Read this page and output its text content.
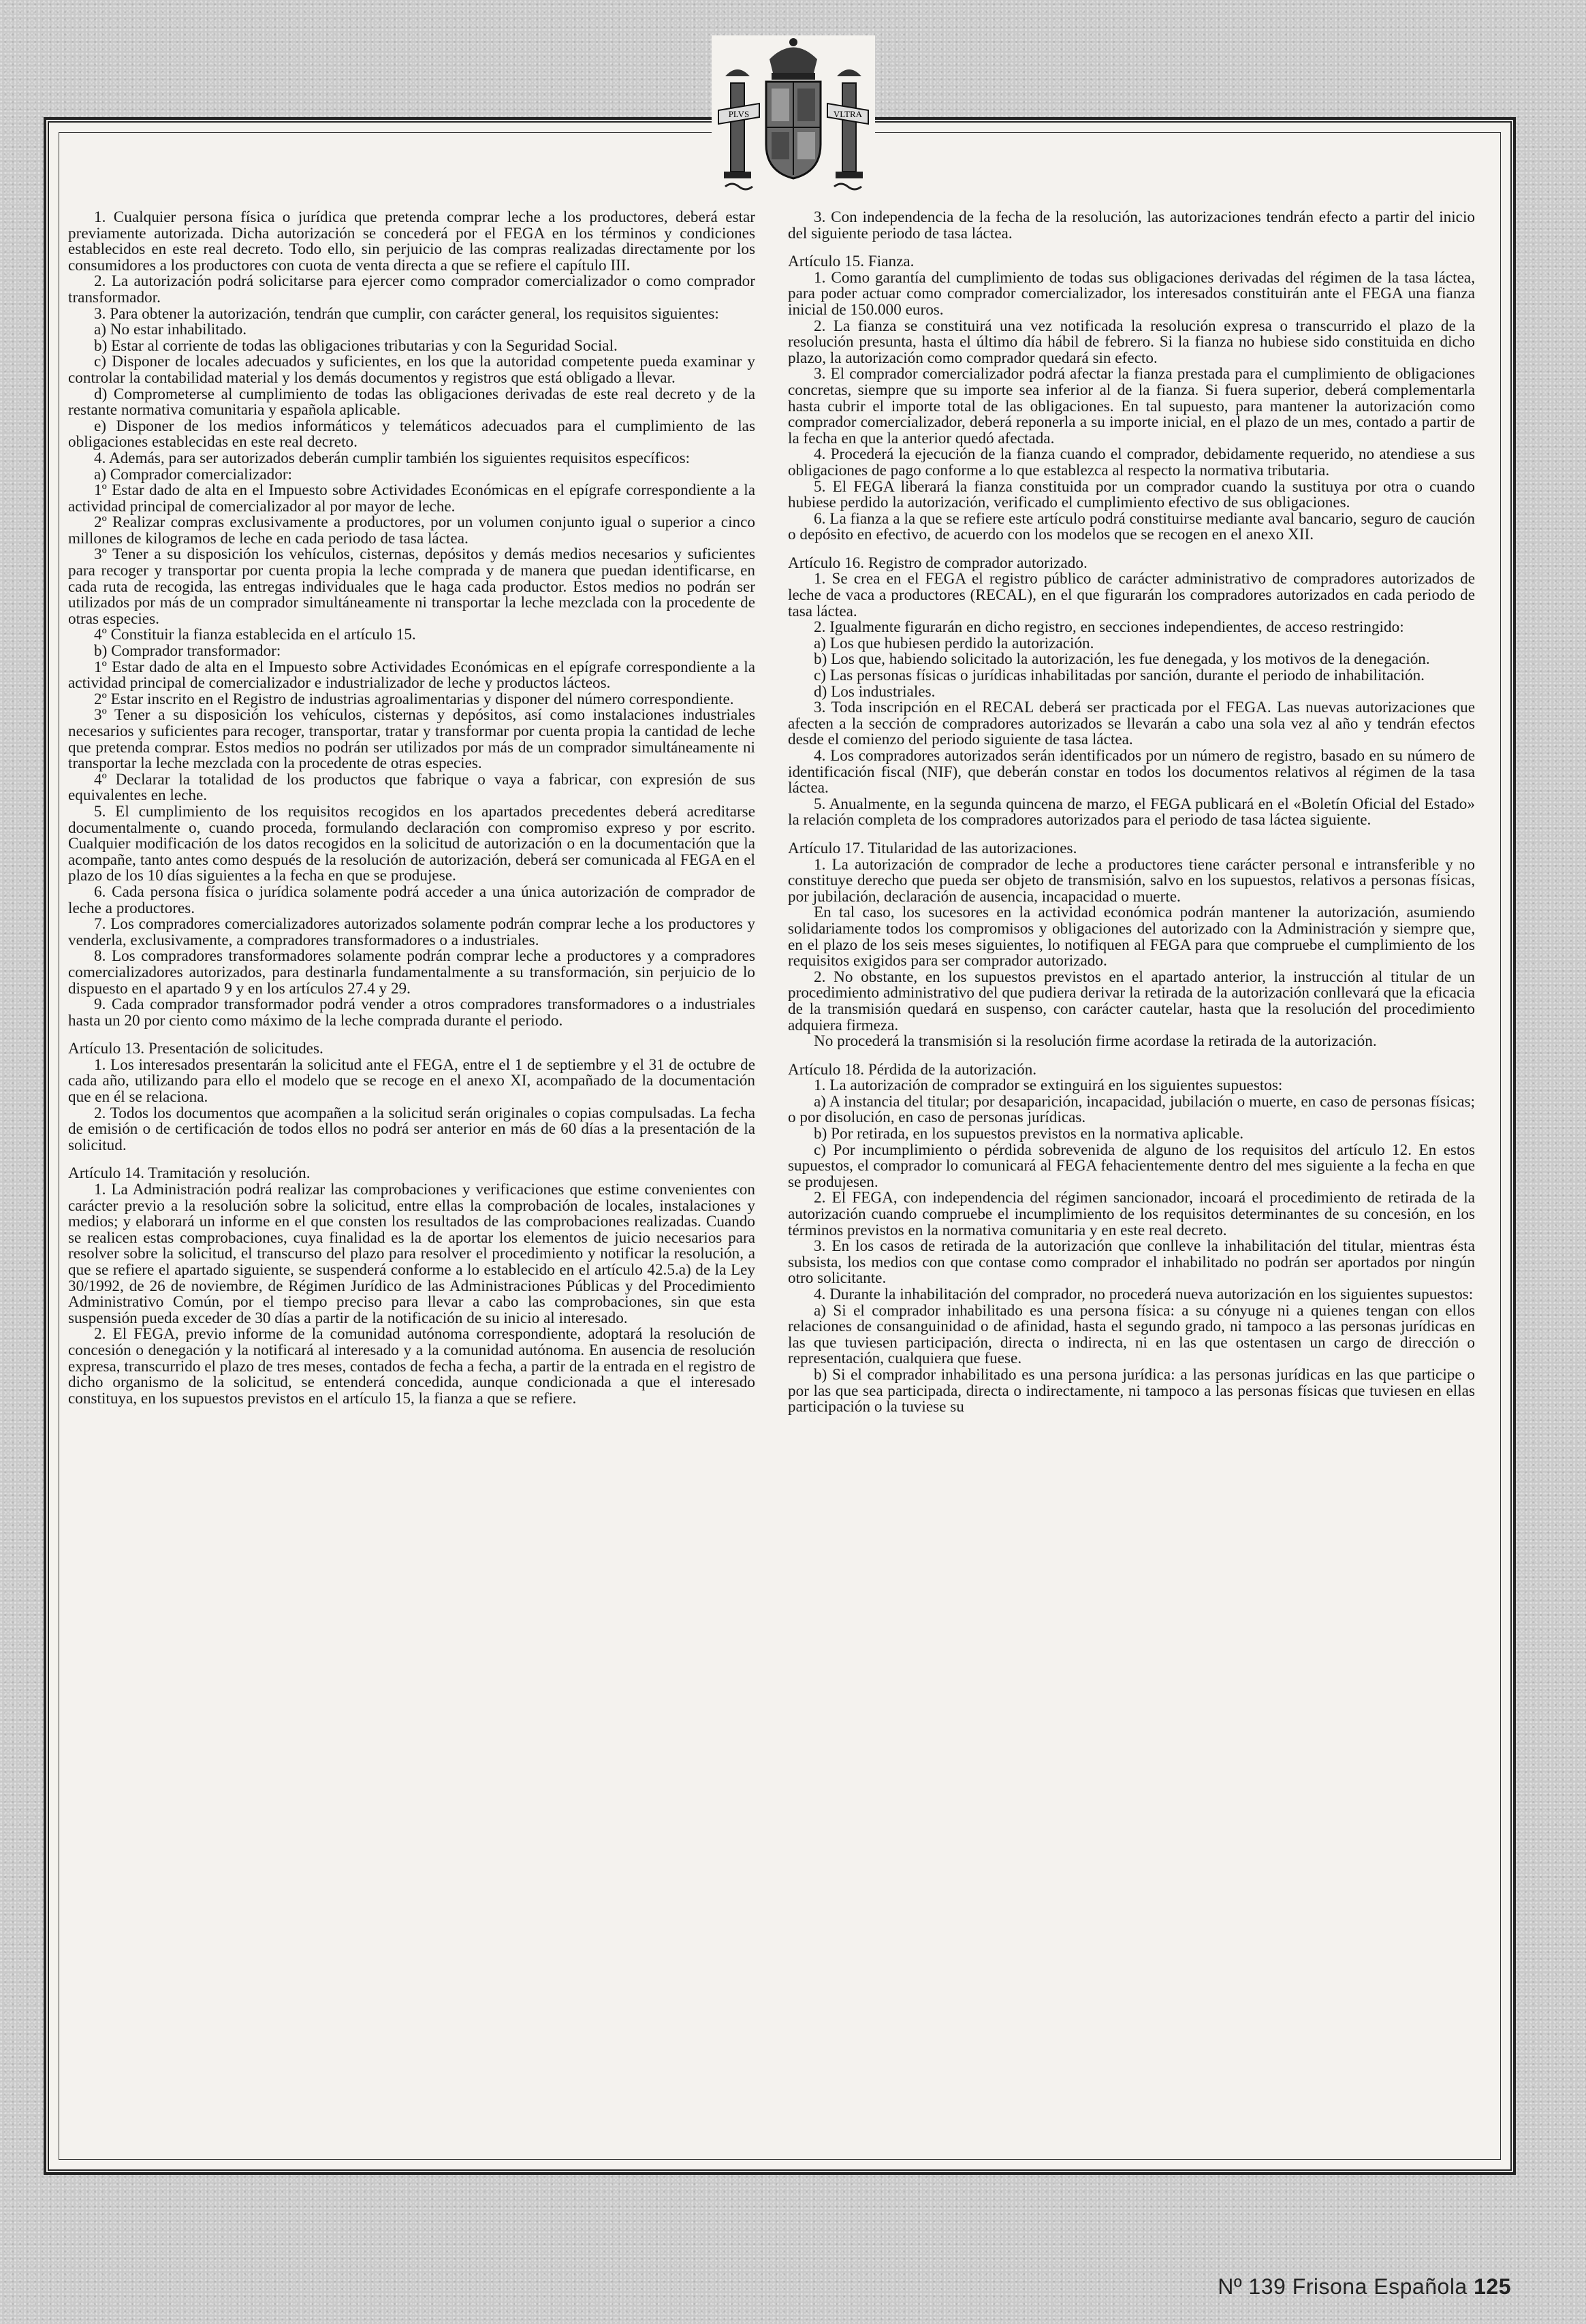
PLVS	VLTRA

1. Cualquier persona física o jurídica que pretenda comprar leche a los productores, deberá estar previamente autorizada. Dicha autorización se concederá por el FEGA en los términos y condiciones establecidos en este real decreto. Todo ello, sin perjuicio de las compras realizadas directamente por los consumidores a los productores con cuota de venta directa a que se refiere el capítulo III.

2. La autorización podrá solicitarse para ejercer como comprador comercializador o como comprador transformador.

3. Para obtener la autorización, tendrán que cumplir, con carácter general, los requisitos siguientes:

a) No estar inhabilitado.

b) Estar al corriente de todas las obligaciones tributarias y con la Seguridad Social.

c) Disponer de locales adecuados y suficientes, en los que la autoridad competente pueda examinar y controlar la contabilidad material y los demás documentos y registros que está obligado a llevar.

d) Comprometerse al cumplimiento de todas las obligaciones derivadas de este real decreto y de la restante normativa comunitaria y española aplicable.

e) Disponer de los medios informáticos y telemáticos adecuados para el cumplimiento de las obligaciones establecidas en este real decreto.

4. Además, para ser autorizados deberán cumplir también los siguientes requisitos específicos:

a) Comprador comercializador:

1º Estar dado de alta en el Impuesto sobre Actividades Económicas en el epígrafe correspondiente a la actividad principal de comercializador al por mayor de leche.

2º Realizar compras exclusivamente a productores, por un volumen conjunto igual o superior a cinco millones de kilogramos de leche en cada periodo de tasa láctea.

3º Tener a su disposición los vehículos, cisternas, depósitos y demás medios necesarios y suficientes para recoger y transportar por cuenta propia la leche comprada y de manera que puedan identificarse, en cada ruta de recogida, las entregas individuales que le haga cada productor. Estos medios no podrán ser utilizados por más de un comprador simultáneamente ni transportar la leche mezclada con la procedente de otras especies.

4º Constituir la fianza establecida en el artículo 15.

b) Comprador transformador:

1º Estar dado de alta en el Impuesto sobre Actividades Económicas en el epígrafe correspondiente a la actividad principal de comercializador e industrializador de leche y productos lácteos.

2º Estar inscrito en el Registro de industrias agroalimentarias y disponer del número correspondiente.

3º Tener a su disposición los vehículos, cisternas y depósitos, así como instalaciones industriales necesarios y suficientes para recoger, transportar, tratar y transformar por cuenta propia la cantidad de leche que pretenda comprar. Estos medios no podrán ser utilizados por más de un comprador simultáneamente ni transportar la leche mezclada con la procedente de otras especies.

4º Declarar la totalidad de los productos que fabrique o vaya a fabricar, con expresión de sus equivalentes en leche.

5. El cumplimiento de los requisitos recogidos en los apartados precedentes deberá acreditarse documentalmente o, cuando proceda, formulando declaración con compromiso expreso y por escrito. Cualquier modificación de los datos recogidos en la solicitud de autorización o en la documentación que la acompañe, tanto antes como después de la resolución de autorización, deberá ser comunicada al FEGA en el plazo de los 10 días siguientes a la fecha en que se produjese.

6. Cada persona física o jurídica solamente podrá acceder a una única autorización de comprador de leche a productores.

7. Los compradores comercializadores autorizados solamente podrán comprar leche a los productores y venderla, exclusivamente, a compradores transformadores o a industriales.

8. Los compradores transformadores solamente podrán comprar leche a productores y a compradores comercializadores autorizados, para destinarla fundamentalmente a su transformación, sin perjuicio de lo dispuesto en el apartado 9 y en los artículos 27.4 y 29.

9. Cada comprador transformador podrá vender a otros compradores transformadores o a industriales hasta un 20 por ciento como máximo de la leche comprada durante el periodo.

Artículo 13. Presentación de solicitudes.

1. Los interesados presentarán la solicitud ante el FEGA, entre el 1 de septiembre y el 31 de octubre de cada año, utilizando para ello el modelo que se recoge en el anexo XI, acompañado de la documentación que en él se relaciona.

2. Todos los documentos que acompañen a la solicitud serán originales o copias compulsadas. La fecha de emisión o de certificación de todos ellos no podrá ser anterior en más de 60 días a la presentación de la solicitud.

Artículo 14. Tramitación y resolución.

1. La Administración podrá realizar las comprobaciones y verificaciones que estime convenientes con carácter previo a la resolución sobre la solicitud, entre ellas la comprobación de locales, instalaciones y medios; y elaborará un informe en el que consten los resultados de las comprobaciones realizadas. Cuando se realicen estas comprobaciones, cuya finalidad es la de aportar los elementos de juicio necesarios para resolver sobre la solicitud, el transcurso del plazo para resolver el procedimiento y notificar la resolución, a que se refiere el apartado siguiente, se suspenderá conforme a lo establecido en el artículo 42.5.a) de la Ley 30/1992, de 26 de noviembre, de Régimen Jurídico de las Administraciones Públicas y del Procedimiento Administrativo Común, por el tiempo preciso para llevar a cabo las comprobaciones, sin que esta suspensión pueda exceder de 30 días a partir de la notificación de su inicio al interesado.

2. El FEGA, previo informe de la comunidad autónoma correspondiente, adoptará la resolución de concesión o denegación y la notificará al interesado y a la comunidad autónoma. En ausencia de resolución expresa, transcurrido el plazo de tres meses, contados de fecha a fecha, a partir de la entrada en el registro de dicho organismo de la solicitud, se entenderá concedida, aunque condicionada a que el interesado constituya, en los supuestos previstos en el artículo 15, la fianza a que se refiere.

3. Con independencia de la fecha de la resolución, las autorizaciones tendrán efecto a partir del inicio del siguiente periodo de tasa láctea.

Artículo 15. Fianza.

1. Como garantía del cumplimiento de todas sus obligaciones derivadas del régimen de la tasa láctea, para poder actuar como comprador comercializador, los interesados constituirán ante el FEGA una fianza inicial de 150.000 euros.

2. La fianza se constituirá una vez notificada la resolución expresa o transcurrido el plazo de la resolución presunta, hasta el último día hábil de febrero. Si la fianza no hubiese sido constituida en dicho plazo, la autorización como comprador quedará sin efecto.

3. El comprador comercializador podrá afectar la fianza prestada para el cumplimiento de obligaciones concretas, siempre que su importe sea inferior al de la fianza. Si fuera superior, deberá complementarla hasta cubrir el importe total de las obligaciones. En tal supuesto, para mantener la autorización como comprador comercializador, deberá reponerla a su importe inicial, en el plazo de un mes, contado a partir de la fecha en que la anterior quedó afectada.

4. Procederá la ejecución de la fianza cuando el comprador, debidamente requerido, no atendiese a sus obligaciones de pago conforme a lo que establezca al respecto la normativa tributaria.

5. El FEGA liberará la fianza constituida por un comprador cuando la sustituya por otra o cuando hubiese perdido la autorización, verificado el cumplimiento efectivo de sus obligaciones.

6. La fianza a la que se refiere este artículo podrá constituirse mediante aval bancario, seguro de caución o depósito en efectivo, de acuerdo con los modelos que se recogen en el anexo XII.

Artículo 16. Registro de comprador autorizado.

1. Se crea en el FEGA el registro público de carácter administrativo de compradores autorizados de leche de vaca a productores (RECAL), en el que figurarán los compradores autorizados en cada periodo de tasa láctea.

2. Igualmente figurarán en dicho registro, en secciones independientes, de acceso restringido:

a) Los que hubiesen perdido la autorización.

b) Los que, habiendo solicitado la autorización, les fue denegada, y los motivos de la denegación.

c) Las personas físicas o jurídicas inhabilitadas por sanción, durante el periodo de inhabilitación.

d) Los industriales.

3. Toda inscripción en el RECAL deberá ser practicada por el FEGA. Las nuevas autorizaciones que afecten a la sección de compradores autorizados se llevarán a cabo una sola vez al año y tendrán efectos desde el comienzo del periodo siguiente de tasa láctea.

4. Los compradores autorizados serán identificados por un número de registro, basado en su número de identificación fiscal (NIF), que deberán constar en todos los documentos relativos al régimen de la tasa láctea.

5. Anualmente, en la segunda quincena de marzo, el FEGA publicará en el «Boletín Oficial del Estado» la relación completa de los compradores autorizados para el periodo de tasa láctea siguiente.

Artículo 17. Titularidad de las autorizaciones.

1. La autorización de comprador de leche a productores tiene carácter personal e intransferible y no constituye derecho que pueda ser objeto de transmisión, salvo en los supuestos, relativos a personas físicas, por jubilación, declaración de ausencia, incapacidad o muerte.

En tal caso, los sucesores en la actividad económica podrán mantener la autorización, asumiendo solidariamente todos los compromisos y obligaciones del autorizado con la Administración y siempre que, en el plazo de los seis meses siguientes, lo notifiquen al FEGA para que compruebe el cumplimiento de los requisitos exigidos para ser comprador autorizado.

2. No obstante, en los supuestos previstos en el apartado anterior, la instrucción al titular de un procedimiento administrativo del que pudiera derivar la retirada de la autorización conllevará que la eficacia de la transmisión quedará en suspenso, con carácter cautelar, hasta que la resolución del procedimiento adquiera firmeza.

No procederá la transmisión si la resolución firme acordase la retirada de la autorización.

Artículo 18. Pérdida de la autorización.

1. La autorización de comprador se extinguirá en los siguientes supuestos:

a) A instancia del titular; por desaparición, incapacidad, jubilación o muerte, en caso de personas físicas; o por disolución, en caso de personas jurídicas.

b) Por retirada, en los supuestos previstos en la normativa aplicable.

c) Por incumplimiento o pérdida sobrevenida de alguno de los requisitos del artículo 12. En estos supuestos, el comprador lo comunicará al FEGA fehacientemente dentro del mes siguiente a la fecha en que se produjesen.

2. El FEGA, con independencia del régimen sancionador, incoará el procedimiento de retirada de la autorización cuando compruebe el incumplimiento de los requisitos determinantes de su concesión, en los términos previstos en la normativa comunitaria y en este real decreto.

3. En los casos de retirada de la autorización que conlleve la inhabilitación del titular, mientras ésta subsista, los medios con que contase como comprador el inhabilitado no podrán ser aportados por ningún otro solicitante.

4. Durante la inhabilitación del comprador, no procederá nueva autorización en los siguientes supuestos:

a) Si el comprador inhabilitado es una persona física: a su cónyuge ni a quienes tengan con ellos relaciones de consanguinidad o de afinidad, hasta el segundo grado, ni tampoco a las personas jurídicas en las que tuviesen participación, directa o indirecta, ni en las que ostentasen un cargo de dirección o representación, cualquiera que fuese.

b) Si el comprador inhabilitado es una persona jurídica: a las personas jurídicas en las que participe o por las que sea participada, directa o indirectamente, ni tampoco a las personas físicas que tuviesen en ellas participación o la tuviese su

Nº 139 Frisona Española 125
